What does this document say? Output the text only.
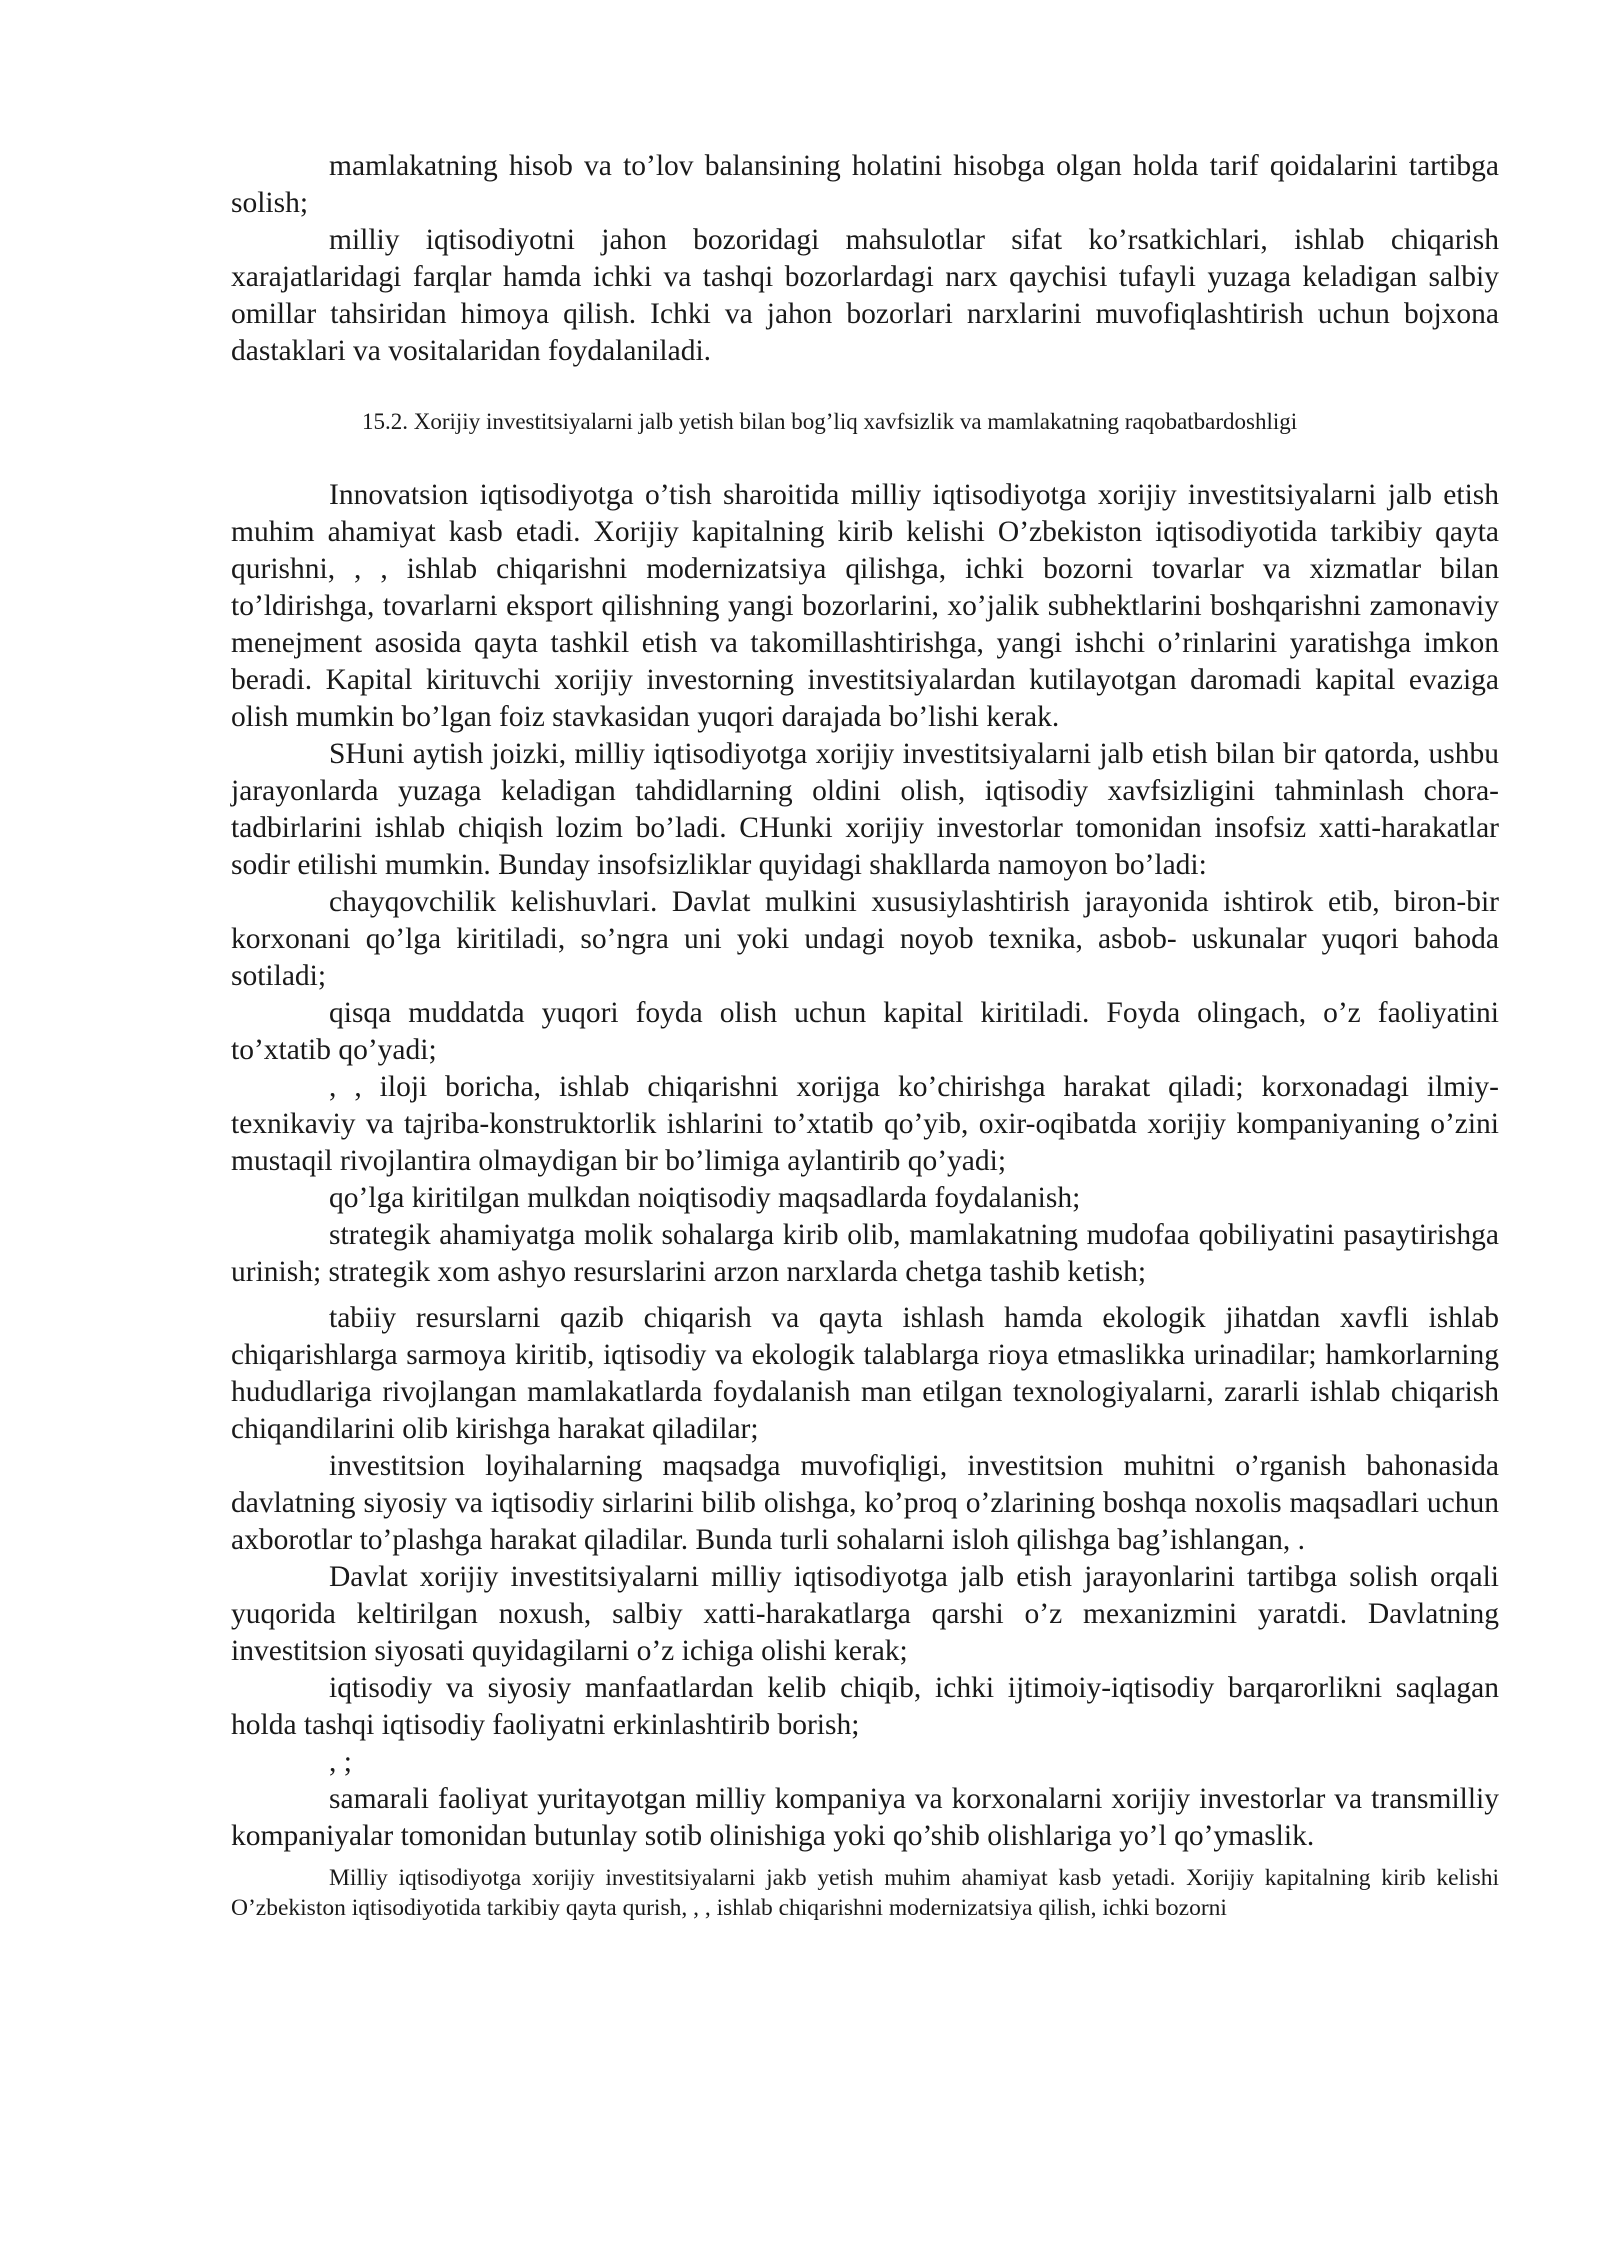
mamlakatning hisob va to’lov balansining holatini hisobga olgan holda tarif qoidalarini tartibga solish;

milliy iqtisodiyotni jahon bozoridagi mahsulotlar sifat ko’rsatkichlari, ishlab chiqarish xarajatlaridagi farqlar hamda ichki va tashqi bozorlardagi narx qaychisi tufayli yuzaga keladigan salbiy omillar tahsiridan himoya qilish. Ichki va jahon bozorlari narxlarini muvofiqlashtirish uchun bojxona dastaklari va vositalaridan foydalaniladi.

15.2. Xorijiy investitsiyalarni jalb yetish bilan bog’liq xavfsizlik va mamlakatning raqobatbardoshligi

Innovatsion iqtisodiyotga o’tish sharoitida milliy iqtisodiyotga xorijiy investitsiyalarni jalb etish muhim ahamiyat kasb etadi. Xorijiy kapitalning kirib kelishi O’zbekiston iqtisodiyotida tarkibiy qayta qurishni, , , ishlab chiqarishni modernizatsiya qilishga, ichki bozorni tovarlar va xizmatlar bilan to’ldirishga, tovarlarni eksport qilishning yangi bozorlarini, xo’jalik subhektlarini boshqarishni zamonaviy menejment asosida qayta tashkil etish va takomillashtirishga, yangi ishchi o’rinlarini yaratishga imkon beradi. Kapital kirituvchi xorijiy investorning investitsiyalardan kutilayotgan daromadi kapital evaziga olish mumkin bo’lgan foiz stavkasidan yuqori darajada bo’lishi kerak.

SHuni aytish joizki, milliy iqtisodiyotga xorijiy investitsiyalarni jalb etish bilan bir qatorda, ushbu jarayonlarda yuzaga keladigan tahdidlarning oldini olish, iqtisodiy xavfsizligini tahminlash chora-tadbirlarini ishlab chiqish lozim bo’ladi. CHunki xorijiy investorlar tomonidan insofsiz xatti-harakatlar sodir etilishi mumkin. Bunday insofsizliklar quyidagi shakllarda namoyon bo’ladi:

chayqovchilik kelishuvlari. Davlat mulkini xususiylashtirish jarayonida ishtirok etib, biron-bir korxonani qo’lga kiritiladi, so’ngra uni yoki undagi noyob texnika, asbob- uskunalar yuqori bahoda sotiladi;

qisqa muddatda yuqori foyda olish uchun kapital kiritiladi. Foyda olingach, o’z faoliyatini to’xtatib qo’yadi;

, , iloji boricha, ishlab chiqarishni xorijga ko’chirishga harakat qiladi; korxonadagi ilmiy-texnikaviy va tajriba-konstruktorlik ishlarini to’xtatib qo’yib, oxir-oqibatda xorijiy kompaniyaning o’zini mustaqil rivojlantira olmaydigan bir bo’limiga aylantirib qo’yadi;

qo’lga kiritilgan mulkdan noiqtisodiy maqsadlarda foydalanish;

strategik ahamiyatga molik sohalarga kirib olib, mamlakatning mudofaa qobiliyatini pasaytirishga urinish; strategik xom ashyo resurslarini arzon narxlarda chetga tashib ketish;

tabiiy resurslarni qazib chiqarish va qayta ishlash hamda ekologik jihatdan xavfli ishlab chiqarishlarga sarmoya kiritib, iqtisodiy va ekologik talablarga rioya etmaslikka urinadilar; hamkorlarning hududlariga rivojlangan mamlakatlarda foydalanish man etilgan texnologiyalarni, zararli ishlab chiqarish chiqandilarini olib kirishga harakat qiladilar;

investitsion loyihalarning maqsadga muvofiqligi, investitsion muhitni o’rganish bahonasida davlatning siyosiy va iqtisodiy sirlarini bilib olishga, ko’proq o’zlarining boshqa noxolis maqsadlari uchun axborotlar to’plashga harakat qiladilar. Bunda turli sohalarni isloh qilishga bag’ishlangan, .

Davlat xorijiy investitsiyalarni milliy iqtisodiyotga jalb etish jarayonlarini tartibga solish orqali yuqorida keltirilgan noxush, salbiy xatti-harakatlarga qarshi o’z mexanizmini yaratdi. Davlatning investitsion siyosati quyidagilarni o’z ichiga olishi kerak;

iqtisodiy va siyosiy manfaatlardan kelib chiqib, ichki ijtimoiy-iqtisodiy barqarorlikni saqlagan holda tashqi iqtisodiy faoliyatni erkinlashtirib borish;

, ;

samarali faoliyat yuritayotgan milliy kompaniya va korxonalarni xorijiy investorlar va transmilliy kompaniyalar tomonidan butunlay sotib olinishiga yoki qo’shib olishlariga yo’l qo’ymaslik.

Milliy iqtisodiyotga xorijiy investitsiyalarni jakb yetish muhim ahamiyat kasb yetadi. Xorijiy kapitalning kirib kelishi O’zbekiston iqtisodiyotida tarkibiy qayta qurish, , , ishlab chiqarishni modernizatsiya qilish, ichki bozorni
